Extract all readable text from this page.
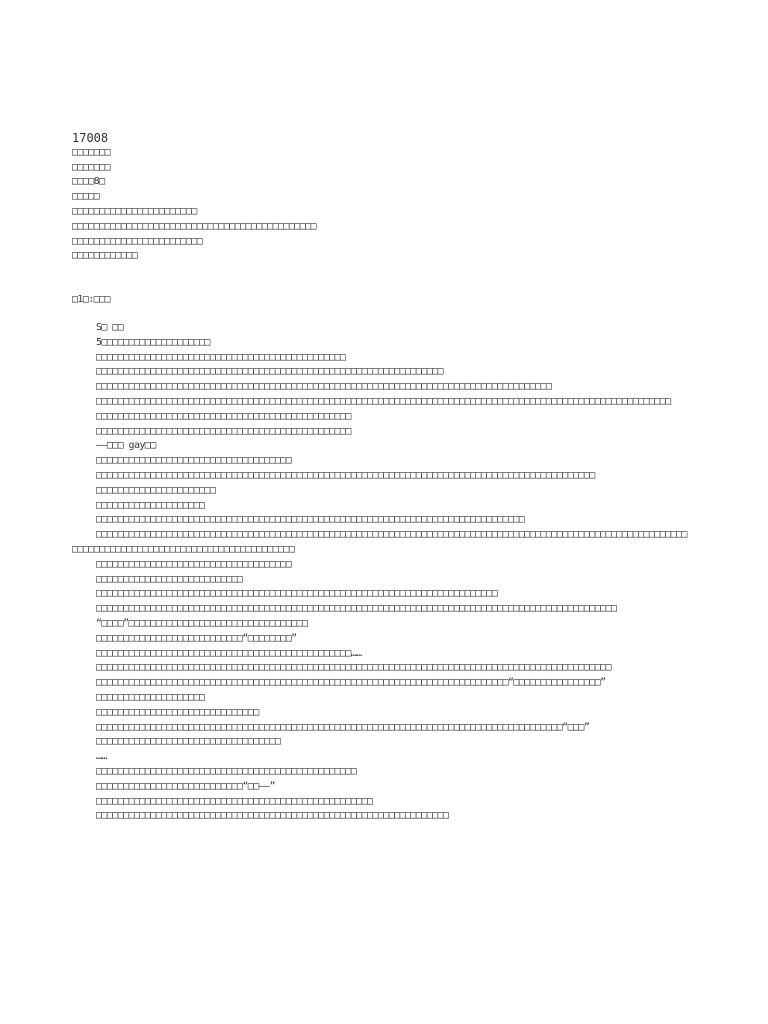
17008
□□□□□□□
□□□□□□□
□□□□8□
□□□□□
□□□□□□□□□□□□□□□□□□□□□□□
□□□□□□□□□□□□□□□□□□□□□□□□□□□□□□□□□□□□□□□□□□□□□
□□□□□□□□□□□□□□□□□□□□□□□□
□□□□□□□□□□□□
□1□:□□□

S□ □□

5□□□□□□□□□□□□□□□□□□□□

□□□□□□□□□□□□□□□□□□□□□□□□□□□□□□□□□□□□□□□□□□□□□□

□□□□□□□□□□□□□□□□□□□□□□□□□□□□□□□□□□□□□□□□□□□□□□□□□□□□□□□□□□□□□□□□

□□□□□□□□□□□□□□□□□□□□□□□□□□□□□□□□□□□□□□□□□□□□□□□□□□□□□□□□□□□□□□□□□□□□□□□□□□□□□□□□□□□□

□□□□□□□□□□□□□□□□□□□□□□□□□□□□□□□□□□□□□□□□□□□□□□□□□□□□□□□□□□□□□□□□□□□□□□□□□□□□□□□□□□□□□□□□□□□□□□□□□□□□□□□□□□

□□□□□□□□□□□□□□□□□□□□□□□□□□□□□□□□□□□□□□□□□□□□□□□

□□□□□□□□□□□□□□□□□□□□□□□□□□□□□□□□□□□□□□□□□□□□□□□

——□□□ gay□□

□□□□□□□□□□□□□□□□□□□□□□□□□□□□□□□□□□□□

□□□□□□□□□□□□□□□□□□□□□□□□□□□□□□□□□□□□□□□□□□□□□□□□□□□□□□□□□□□□□□□□□□□□□□□□□□□□□□□□□□□□□□□□□□□□

□□□□□□□□□□□□□□□□□□□□□□

□□□□□□□□□□□□□□□□□□□□

□□□□□□□□□□□□□□□□□□□□□□□□□□□□□□□□□□□□□□□□□□□□□□□□□□□□□□□□□□□□□□□□□□□□□□□□□□□□□□□

□□□□□□□□□□□□□□□□□□□□□□□□□□□□□□□□□□□□□□□□□□□□□□□□□□□□□□□□□□□□□□□□□□□□□□□□□□□□□□□□□□□□□□□□□□□□□□□□□□□□□□□□□□□□□□□□□□□□□□□□□□□□□□□□□□□□□□□□□□□□□□□□□□□□□□

□□□□□□□□□□□□□□□□□□□□□□□□□□□□□□□□□□□□

□□□□□□□□□□□□□□□□□□□□□□□□□□□

□□□□□□□□□□□□□□□□□□□□□□□□□□□□□□□□□□□□□□□□□□□□□□□□□□□□□□□□□□□□□□□□□□□□□□□□□□

□□□□□□□□□□□□□□□□□□□□□□□□□□□□□□□□□□□□□□□□□□□□□□□□□□□□□□□□□□□□□□□□□□□□□□□□□□□□□□□□□□□□□□□□□□□□□□□□

“□□□□”□□□□□□□□□□□□□□□□□□□□□□□□□□□□□□□□□

□□□□□□□□□□□□□□□□□□□□□□□□□□□“□□□□□□□□”

□□□□□□□□□□□□□□□□□□□□□□□□□□□□□□□□□□□□□□□□□□□□□□□……

□□□□□□□□□□□□□□□□□□□□□□□□□□□□□□□□□□□□□□□□□□□□□□□□□□□□□□□□□□□□□□□□□□□□□□□□□□□□□□□□□□□□□□□□□□□□□□□

□□□□□□□□□□□□□□□□□□□□□□□□□□□□□□□□□□□□□□□□□□□□□□□□□□□□□□□□□□□□□□□□□□□□□□□□□□□□“□□□□□□□□□□□□□□□□”

□□□□□□□□□□□□□□□□□□□□

□□□□□□□□□□□□□□□□□□□□□□□□□□□□□□

□□□□□□□□□□□□□□□□□□□□□□□□□□□□□□□□□□□□□□□□□□□□□□□□□□□□□□□□□□□□□□□□□□□□□□□□□□□□□□□□□□□□□□“□□□”

□□□□□□□□□□□□□□□□□□□□□□□□□□□□□□□□□□

……

□□□□□□□□□□□□□□□□□□□□□□□□□□□□□□□□□□□□□□□□□□□□□□□□

□□□□□□□□□□□□□□□□□□□□□□□□□□□“□□——”

□□□□□□□□□□□□□□□□□□□□□□□□□□□□□□□□□□□□□□□□□□□□□□□□□□□

□□□□□□□□□□□□□□□□□□□□□□□□□□□□□□□□□□□□□□□□□□□□□□□□□□□□□□□□□□□□□□□□□
